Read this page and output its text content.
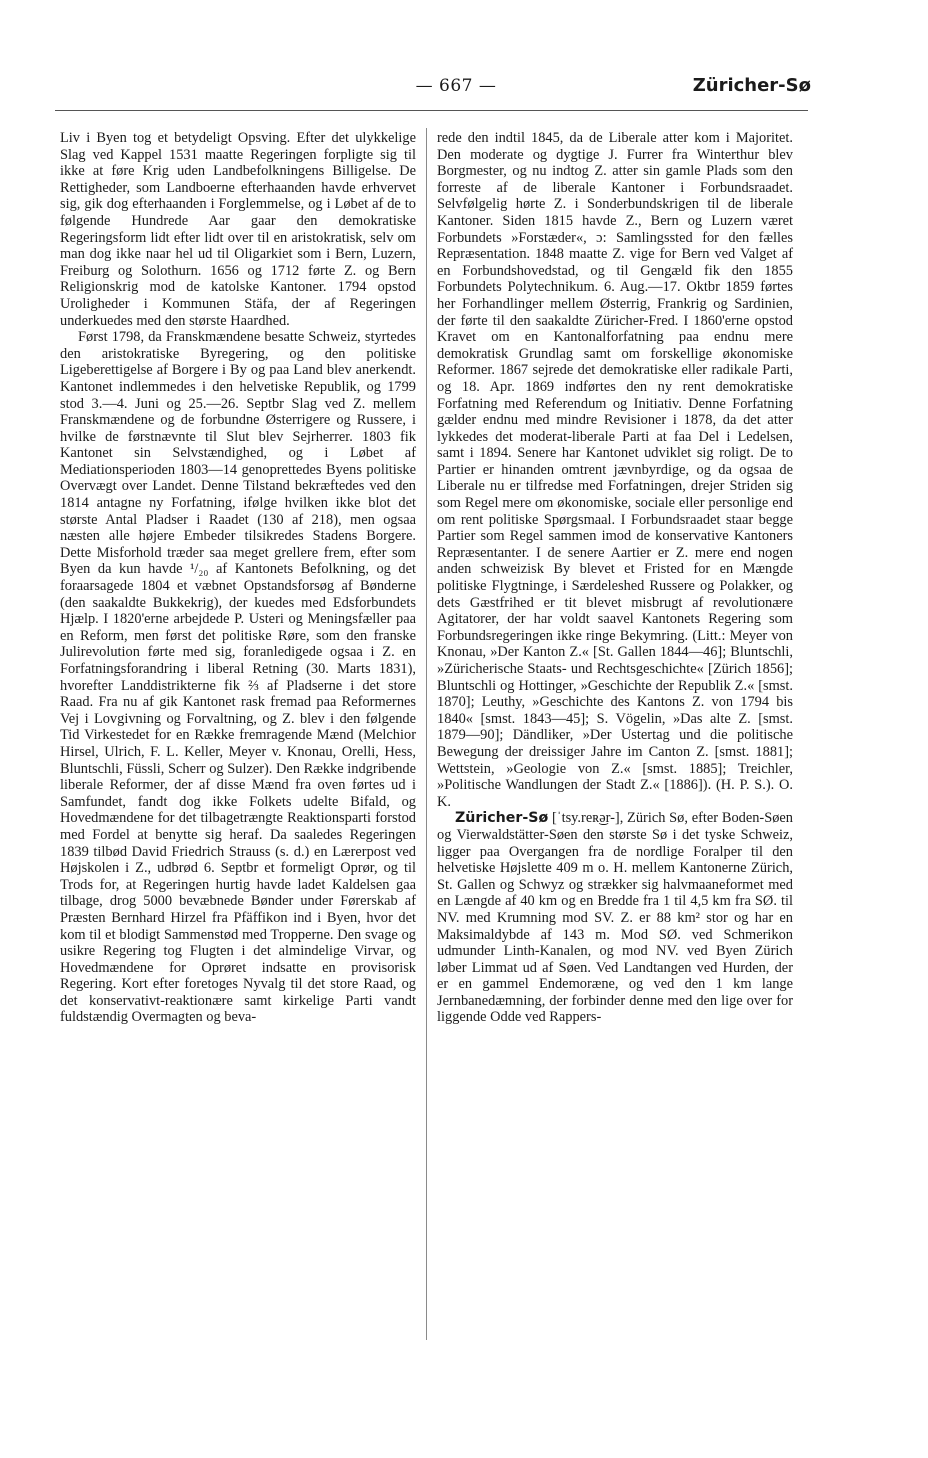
— 667 —	Züricher-Sø

Liv i Byen tog et betydeligt Opsving. Efter det ulykkelige Slag ved Kappel 1531 maatte Regeringen forpligte sig til ikke at føre Krig uden Landbefolkningens Billigelse. De Rettigheder, som Landboerne efterhaanden havde erhvervet sig, gik dog efterhaanden i Forglemmelse, og i Løbet af de to følgende Hundrede Aar gaar den demokratiske Regeringsform lidt efter lidt over til en aristokratisk, selv om man dog ikke naar hel ud til Oligarkiet som i Bern, Luzern, Freiburg og Solothurn. 1656 og 1712 førte Z. og Bern Religionskrig mod de katolske Kantoner. 1794 opstod Uroligheder i Kommunen Stäfa, der af Regeringen underkuedes med den største Haardhed.

Først 1798, da Franskmændene besatte Schweiz, styrtedes den aristokratiske Byregering, og den politiske Ligeberettigelse af Borgere i By og paa Land blev anerkendt. Kantonet indlemmedes i den helvetiske Republik, og 1799 stod 3.—4. Juni og 25.—26. Septbr Slag ved Z. mellem Franskmændene og de forbundne Østerrigere og Russere, i hvilke de førstnævnte til Slut blev Sejrherrer. 1803 fik Kantonet sin Selvstændighed, og i Løbet af Mediationsperioden 1803—14 genoprettedes Byens politiske Overvægt over Landet. Denne Tilstand bekræftedes ved den 1814 antagne ny Forfatning, ifølge hvilken ikke blot det største Antal Pladser i Raadet (130 af 218), men ogsaa næsten alle højere Embeder tilsikredes Stadens Borgere. Dette Misforhold træder saa meget grellere frem, efter som Byen da kun havde ¹/₂₀ af Kantonets Befolkning, og det foraarsagede 1804 et væbnet Opstandsforsøg af Bønderne (den saakaldte Bukkekrig), der kuedes med Edsforbundets Hjælp. I 1820'erne arbejdede P. Usteri og Meningsfæller paa en Reform, men først det politiske Røre, som den franske Julirevolution førte med sig, foranledigede ogsaa i Z. en Forfatningsforandring i liberal Retning (30. Marts 1831), hvorefter Landdistrikterne fik ⅔ af Pladserne i det store Raad. Fra nu af gik Kantonet rask fremad paa Reformernes Vej i Lovgivning og Forvaltning, og Z. blev i den følgende Tid Virkestedet for en Række fremragende Mænd (Melchior Hirsel, Ulrich, F. L. Keller, Meyer v. Knonau, Orelli, Hess, Bluntschli, Füssli, Scherr og Sulzer). Den Række indgribende liberale Reformer, der af disse Mænd fra oven førtes ud i Samfundet, fandt dog ikke Folkets udelte Bifald, og Hovedmændene for det tilbagetrængte Reaktionsparti forstod med Fordel at benytte sig heraf. Da saaledes Regeringen 1839 tilbød David Friedrich Strauss (s. d.) en Lærerpost ved Højskolen i Z., udbrød 6. Septbr et formeligt Oprør, og til Trods for, at Regeringen hurtig havde ladet Kaldelsen gaa tilbage, drog 5000 bevæbnede Bønder under Førerskab af Præsten Bernhard Hirzel fra Pfäffikon ind i Byen, hvor det kom til et blodigt Sammenstød med Tropperne. Den svage og usikre Regering tog Flugten i det almindelige Virvar, og Hovedmændene for Oprøret indsatte en provisorisk Regering. Kort efter foretoges Nyvalg til det store Raad, og det konservativt-reaktionære samt kirkelige Parti vandt fuldstændig Overmagten og beva-

rede den indtil 1845, da de Liberale atter kom i Majoritet. Den moderate og dygtige J. Furrer fra Winterthur blev Borgmester, og nu indtog Z. atter sin gamle Plads som den forreste af de liberale Kantoner i Forbundsraadet. Selvfølgelig hørte Z. i Sonderbundskrigen til de liberale Kantoner. Siden 1815 havde Z., Bern og Luzern været Forbundets »Forstæder«, ɔ: Samlingssted for den fælles Repræsentation. 1848 maatte Z. vige for Bern ved Valget af en Forbundshovedstad, og til Gengæld fik den 1855 Forbundets Polytechnikum. 6. Aug.—17. Oktbr 1859 førtes her Forhandlinger mellem Østerrig, Frankrig og Sardinien, der førte til den saakaldte Züricher-Fred. I 1860'erne opstod Kravet om en Kantonalforfatning paa endnu mere demokratisk Grundlag samt om forskellige økonomiske Reformer. 1867 sejrede det demokratiske eller radikale Parti, og 18. Apr. 1869 indførtes den ny rent demokratiske Forfatning med Referendum og Initiativ. Denne Forfatning gælder endnu med mindre Revisioner i 1878, da det atter lykkedes det moderat-liberale Parti at faa Del i Ledelsen, samt i 1894. Senere har Kantonet udviklet sig roligt. De to Partier er hinanden omtrent jævnbyrdige, og da ogsaa de Liberale nu er tilfredse med Forfatningen, drejer Striden sig som Regel mere om økonomiske, sociale eller personlige end om rent politiske Spørgsmaal. I Forbundsraadet staar begge Partier som Regel sammen imod de konservative Kantoners Repræsentanter. I de senere Aartier er Z. mere end nogen anden schweizisk By blevet et Fristed for en Mængde politiske Flygtninge, i Særdeleshed Russere og Polakker, og dets Gæstfrihed er tit blevet misbrugt af revolutionære Agitatorer, der har voldt saavel Kantonets Regering som Forbundsregeringen ikke ringe Bekymring. (Litt.: Meyer von Knonau, »Der Kanton Z.« [St. Gallen 1844—46]; Bluntschli, »Züricherische Staats- und Rechtsgeschichte« [Zürich 1856]; Bluntschli og Hottinger, »Geschichte der Republik Z.« [smst. 1870]; Leuthy, »Geschichte des Kantons Z. von 1794 bis 1840« [smst. 1843—45]; S. Vögelin, »Das alte Z. [smst. 1879—90]; Dändliker, »Der Ustertag und die politische Bewegung der dreissiger Jahre im Canton Z. [smst. 1881]; Wettstein, »Geologie von Z.« [smst. 1885]; Treichler, »Politische Wandlungen der Stadt Z.« [1886]). (H. P. S.). O. K.

Züricher-Sø [ˈtsy.reʀ͜ər-], Zürich Sø, efter Boden-Søen og Vierwaldstätter-Søen den største Sø i det tyske Schweiz, ligger paa Overgangen fra de nordlige Foralper til den helvetiske Højslette 409 m o. H. mellem Kantonerne Zürich, St. Gallen og Schwyz og strækker sig halvmaaneformet med en Længde af 40 km og en Bredde fra 1 til 4,5 km fra SØ. til NV. med Krumning mod SV. Z. er 88 km² stor og har en Maksimaldybde af 143 m. Mod SØ. ved Schmerikon udmunder Linth-Kanalen, og mod NV. ved Byen Zürich løber Limmat ud af Søen. Ved Landtangen ved Hurden, der er en gammel Endemoræne, og ved den 1 km lange Jernbanedæmning, der forbinder denne med den lige over for liggende Odde ved Rappers-
